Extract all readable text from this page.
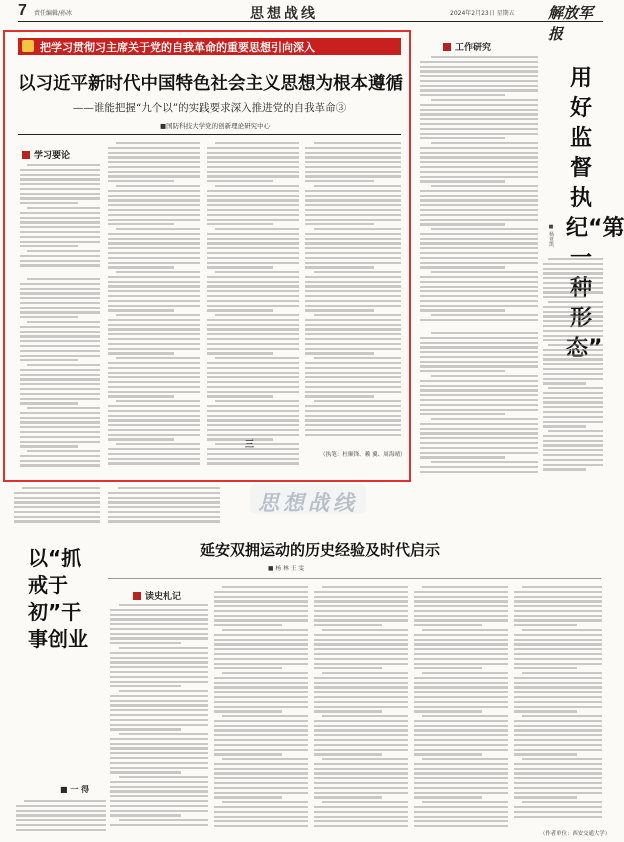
7 责任编辑/孙冰	思想战线	2024年2月23日 星期五 解放军报
把学习贯彻习主席关于党的自我革命的重要思想引向深入
以习近平新时代中国特色社会主义思想为根本遵循
——谁能把握“九个以”的实践要求深入推进党的自我革命③
■国防科技大学党的创新理论研究中心
学习要论
三
（执笔：杜顺锋、赖 翼、周海晴）
工作研究
用好监督执纪“第一种形态”
■ 杨亚凯
思想战线
以“抓戒于初”干事创业
■ 一 得
延安双拥运动的历史经验及时代启示
■ 杨 林 王 雯
读史札记
（作者单位：西安交通大学）
